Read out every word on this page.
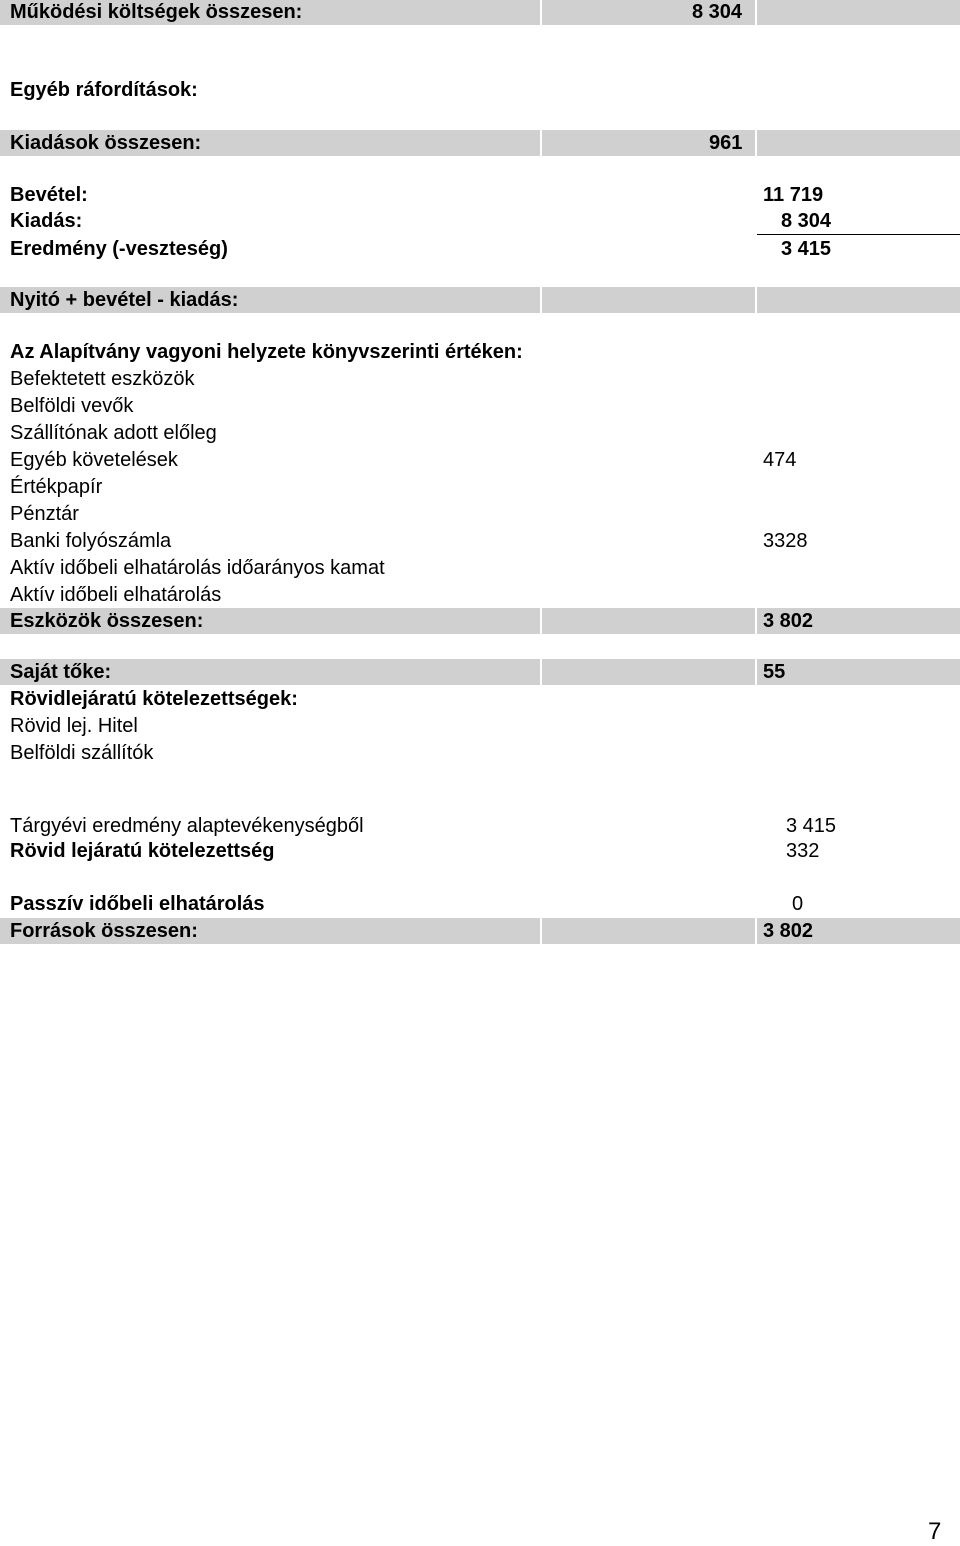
Működési költségek összesen:	8 304
Egyéb ráfordítások:
Kiadások összesen:	961
Bevétel:	11 719
Kiadás:	8 304
Eredmény (-veszteség)	3 415
Nyitó + bevétel - kiadás:
Az Alapítvány vagyoni helyzete könyvszerinti értéken:
Befektetett eszközök
Belföldi vevők
Szállítónak adott előleg
Egyéb követelések	474
Értékpapír
Pénztár
Banki folyószámla	3328
Aktív időbeli elhatárolás időarányos kamat
Aktív időbeli elhatárolás
Eszközök összesen:	3 802
Saját tőke:	55
Rövidlejáratú kötelezettségek:
Rövid lej. Hitel
Belföldi szállítók
Tárgyévi eredmény alaptevékenységből	3 415
Rövid lejáratú kötelezettség	332
Passzív időbeli elhatárolás	0
Források összesen:	3 802
7
